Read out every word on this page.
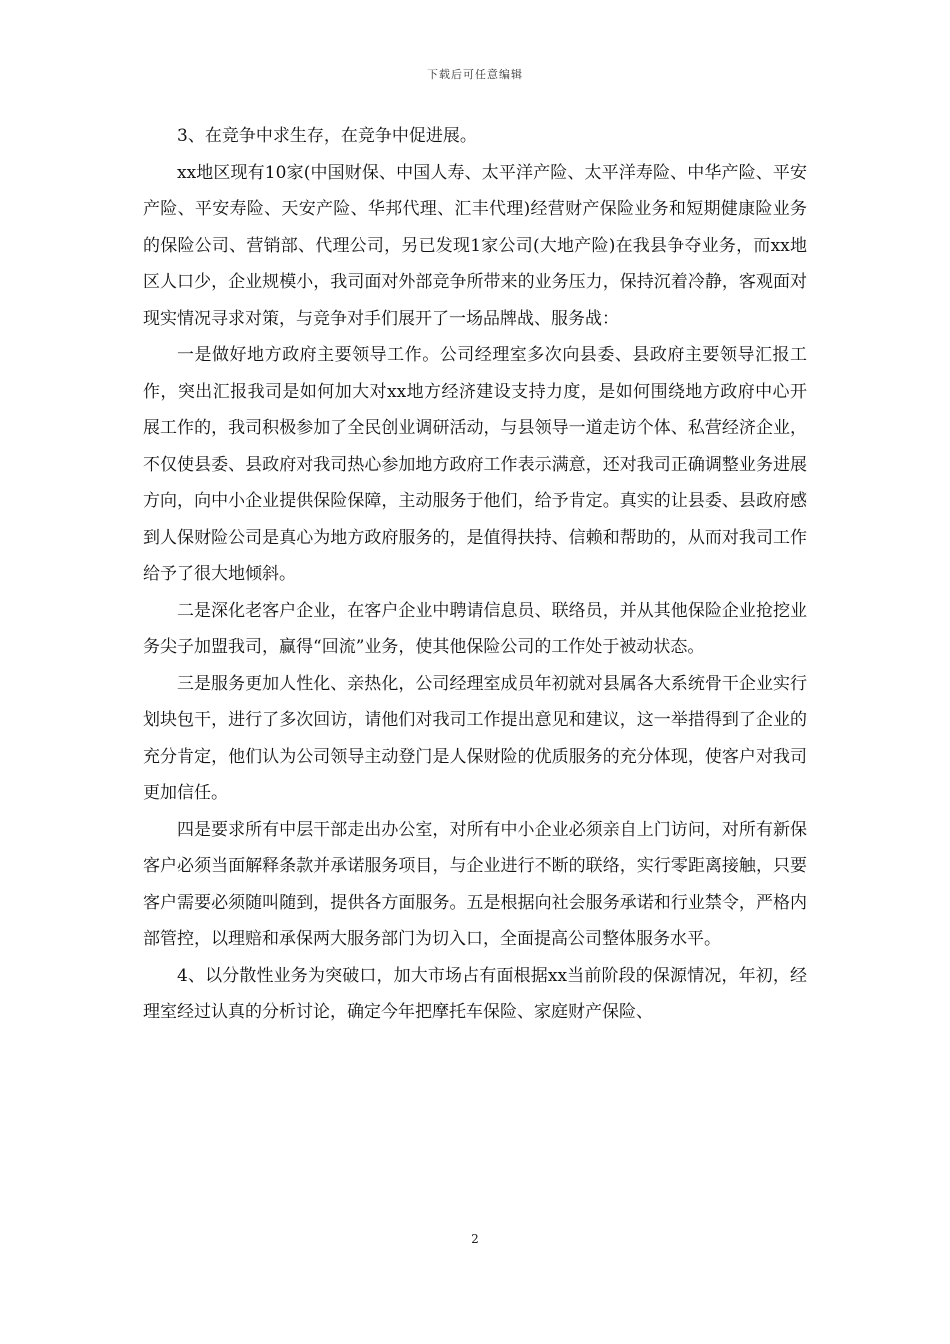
下载后可任意编辑

3、在竞争中求生存，在竞争中促进展。

xx地区现有10家(中国财保、中国人寿、太平洋产险、太平洋寿险、中华产险、平安产险、平安寿险、天安产险、华邦代理、汇丰代理)经营财产保险业务和短期健康险业务的保险公司、营销部、代理公司，另已发现1家公司(大地产险)在我县争夺业务，而xx地区人口少，企业规模小，我司面对外部竞争所带来的业务压力，保持沉着冷静，客观面对现实情况寻求对策，与竞争对手们展开了一场品牌战、服务战：

一是做好地方政府主要领导工作。公司经理室多次向县委、县政府主要领导汇报工作，突出汇报我司是如何加大对xx地方经济建设支持力度，是如何围绕地方政府中心开展工作的，我司积极参加了全民创业调研活动，与县领导一道走访个体、私营经济企业，不仅使县委、县政府对我司热心参加地方政府工作表示满意，还对我司正确调整业务进展方向，向中小企业提供保险保障，主动服务于他们，给予肯定。真实的让县委、县政府感到人保财险公司是真心为地方政府服务的，是值得扶持、信赖和帮助的，从而对我司工作给予了很大地倾斜。

二是深化老客户企业，在客户企业中聘请信息员、联络员，并从其他保险企业抢挖业务尖子加盟我司，赢得“回流”业务，使其他保险公司的工作处于被动状态。

三是服务更加人性化、亲热化，公司经理室成员年初就对县属各大系统骨干企业实行划块包干，进行了多次回访，请他们对我司工作提出意见和建议，这一举措得到了企业的充分肯定，他们认为公司领导主动登门是人保财险的优质服务的充分体现，使客户对我司更加信任。

四是要求所有中层干部走出办公室，对所有中小企业必须亲自上门访问，对所有新保客户必须当面解释条款并承诺服务项目，与企业进行不断的联络，实行零距离接触，只要客户需要必须随叫随到，提供各方面服务。五是根据向社会服务承诺和行业禁令，严格内部管控，以理赔和承保两大服务部门为切入口，全面提高公司整体服务水平。

4、以分散性业务为突破口，加大市场占有面根据xx当前阶段的保源情况，年初，经理室经过认真的分析讨论，确定今年把摩托车保险、家庭财产保险、

2
